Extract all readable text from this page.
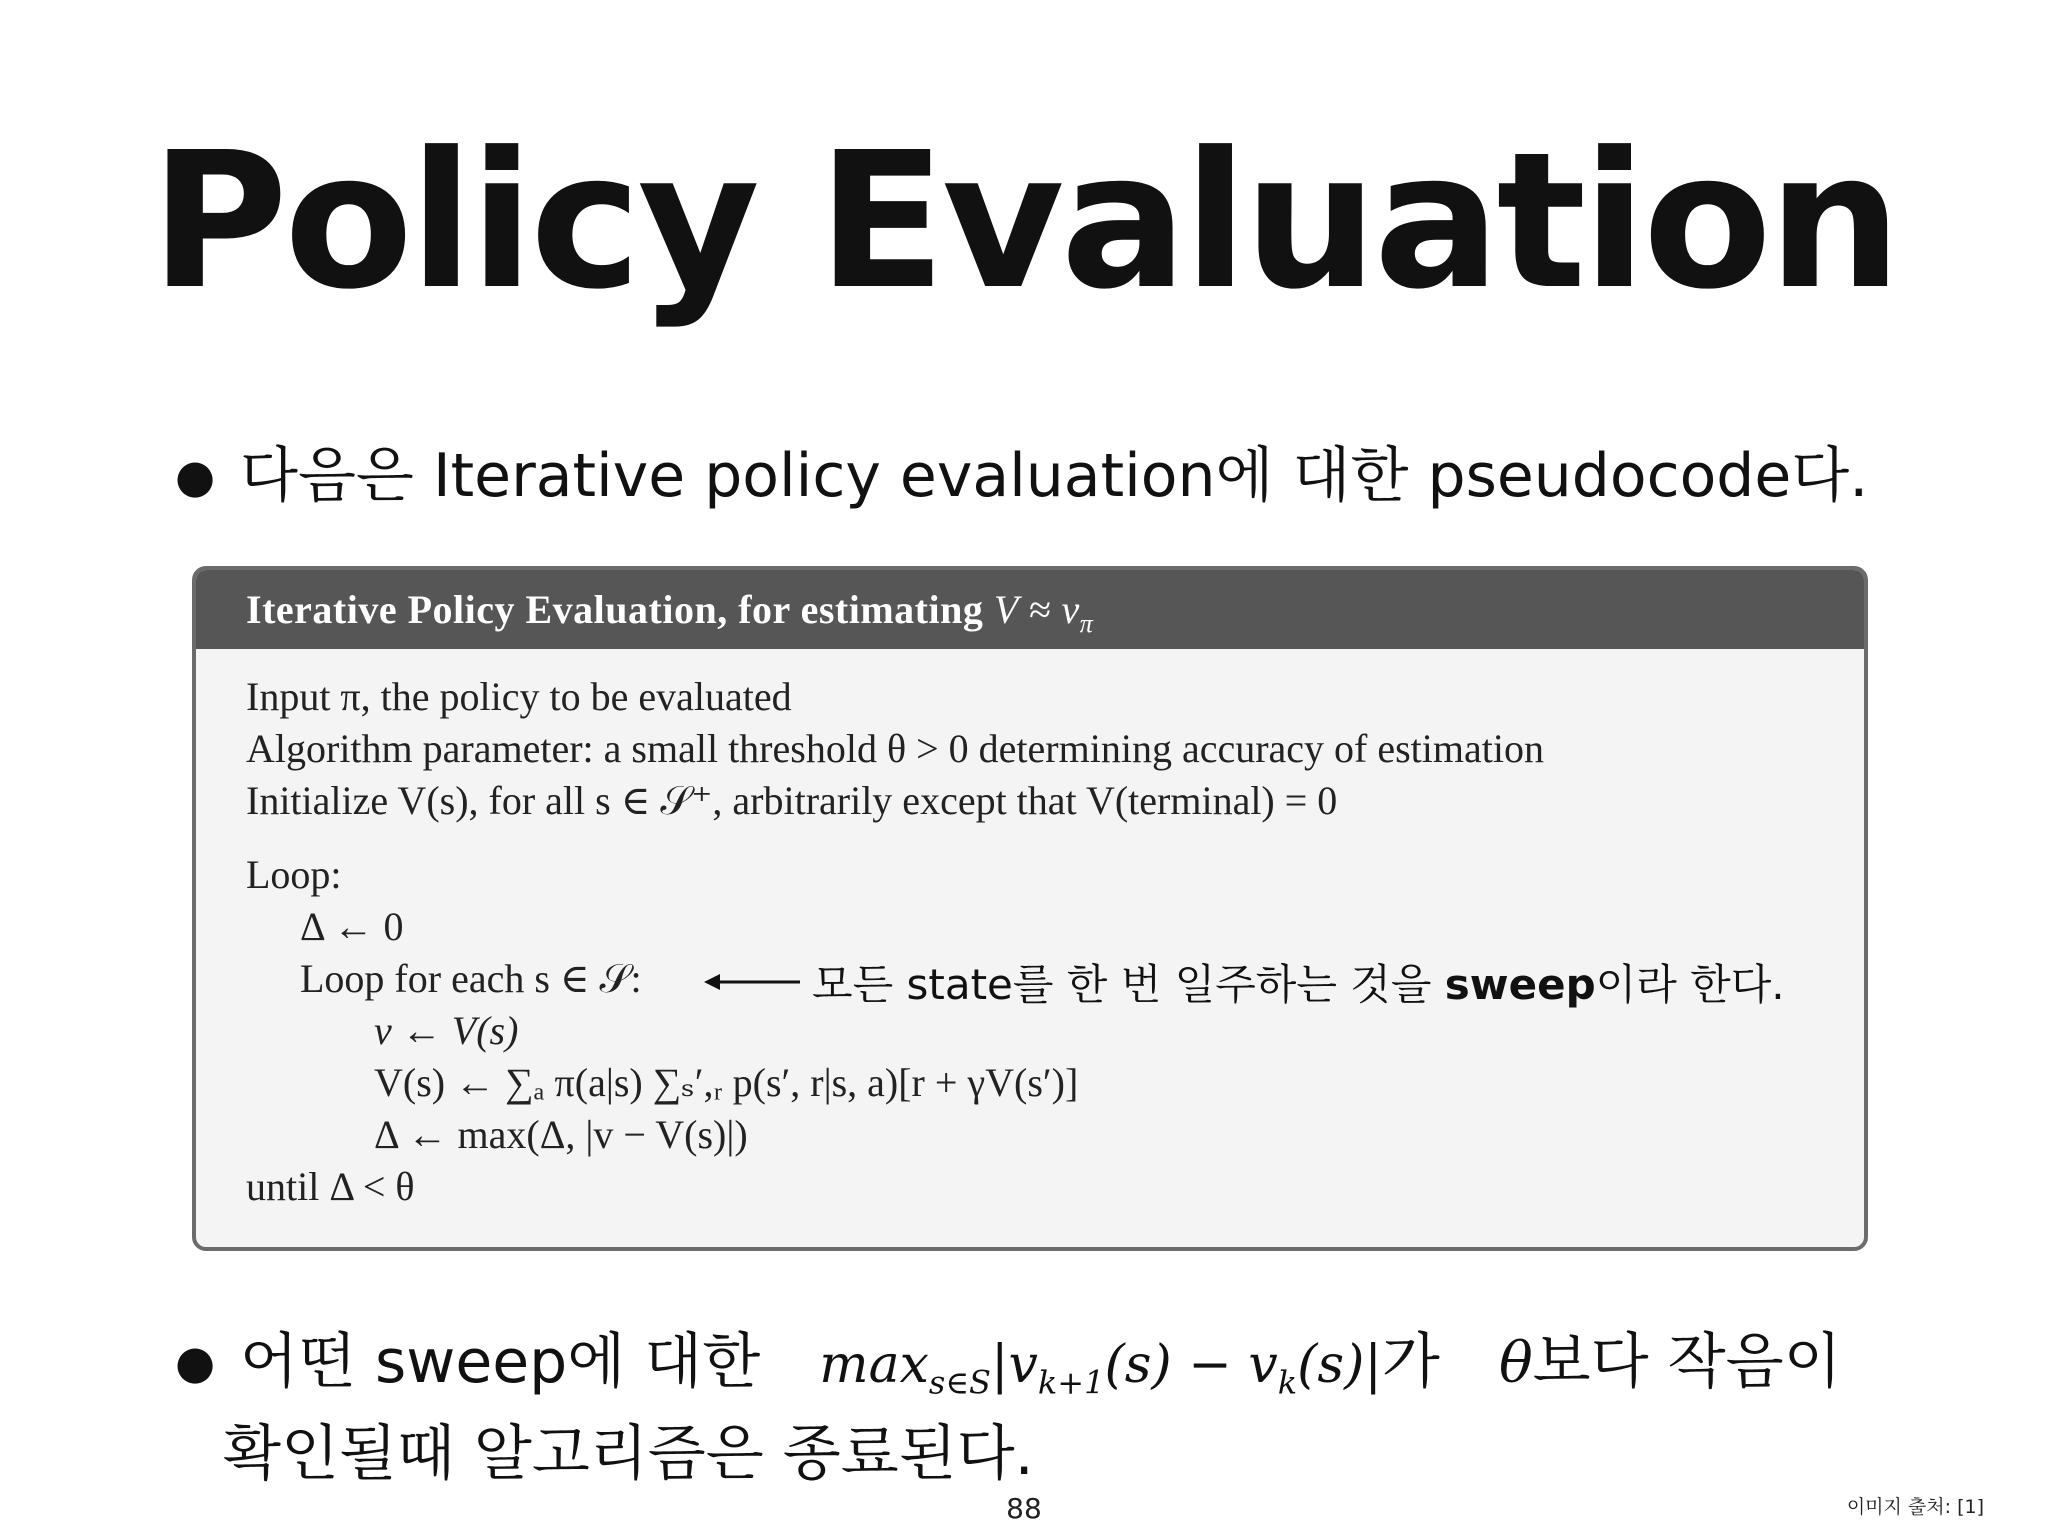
Policy Evaluation
● 다음은 Iterative policy evaluation에 대한 pseudocode다.
Iterative Policy Evaluation, for estimating $V \approx v_\pi$
Input π, the policy to be evaluated
Algorithm parameter: a small threshold θ > 0 determining accuracy of estimation
Initialize V(s), for all s ∈ 𝒮⁺, arbitrarily except that V(terminal) = 0
Loop:
Δ ← 0
Loop for each s ∈ 𝒮:
v ← V(s)
V(s) ← ∑ₐ π(a|s) ∑ₛ′,ᵣ p(s′, r|s, a)[r + γV(s′)]
Δ ← max(Δ, |v − V(s)|)
until Δ < θ
모든 state를 한 번 일주하는 것을 sweep이라 한다.
● 어떤 sweep에 대한 $\max_{s\in S}|v_{k+1}(s) - v_k(s)|$가 θ보다 작음이
확인될때 알고리즘은 종료된다.
88	이미지 출처: [1]
